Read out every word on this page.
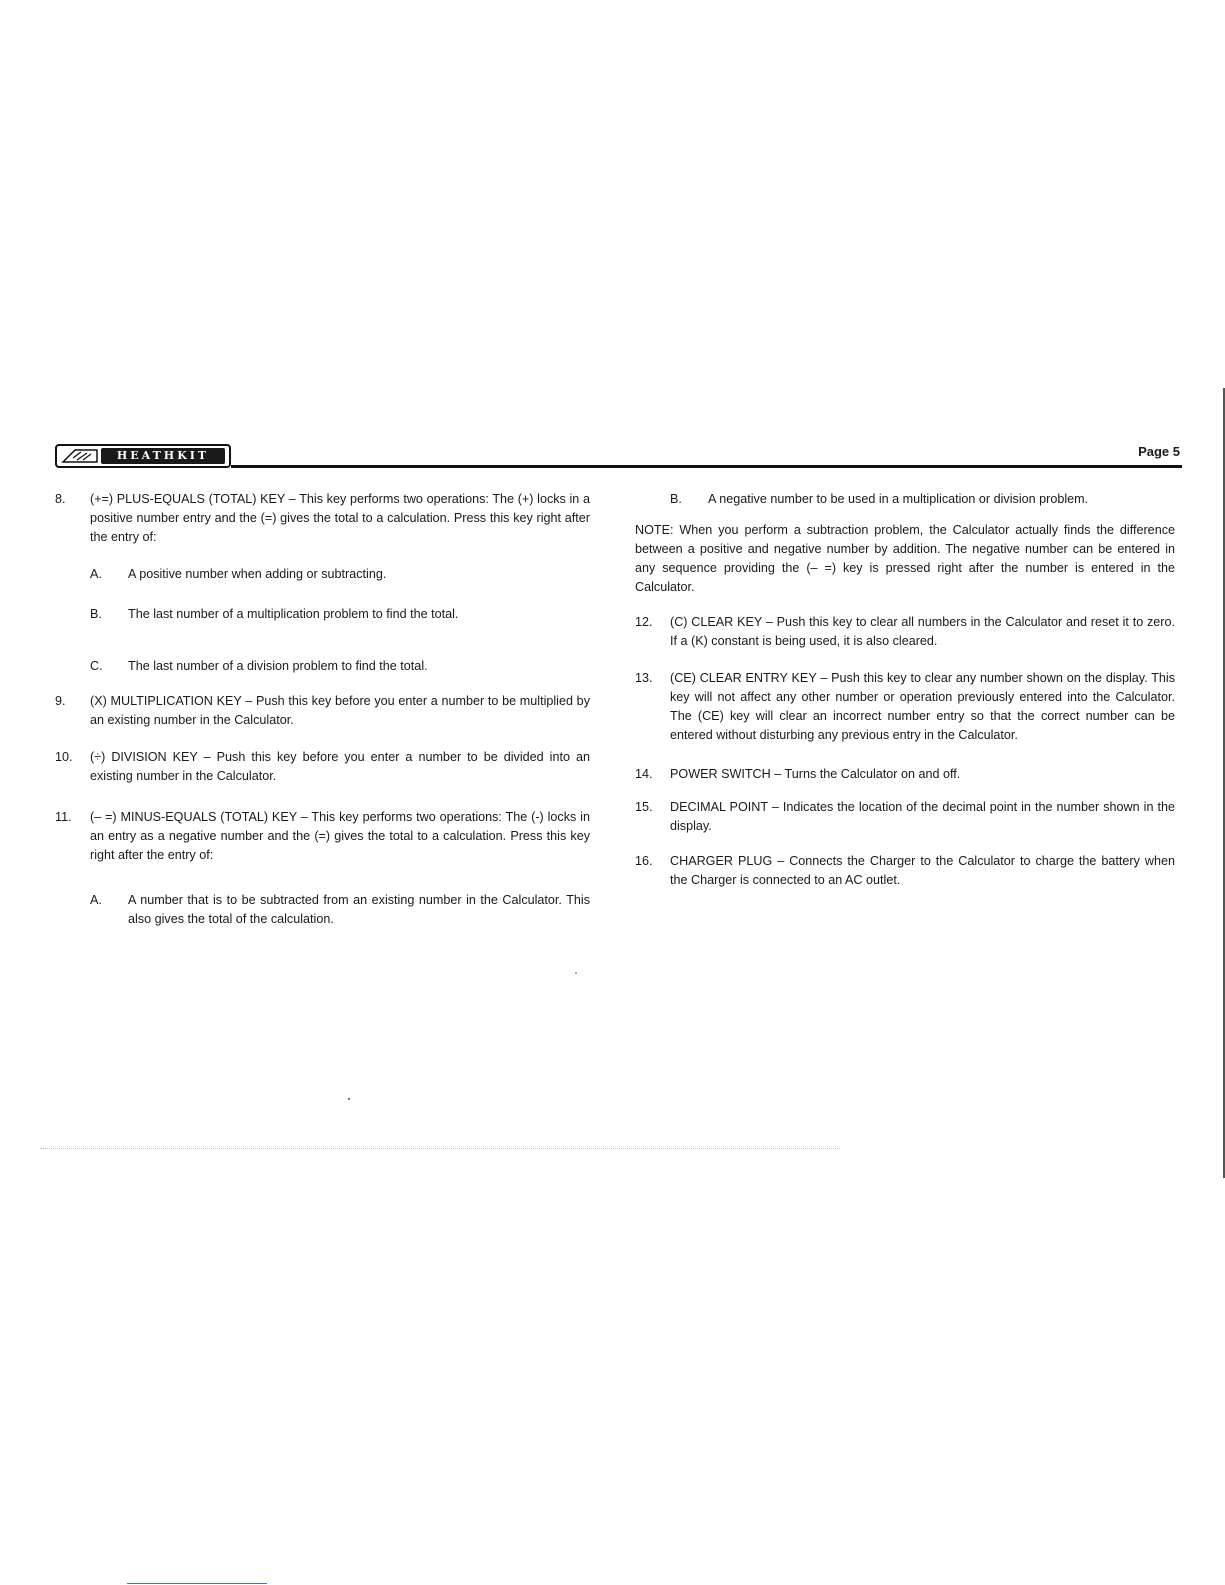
HEATHKIT	Page 5
8. (+=) PLUS-EQUALS (TOTAL) KEY – This key performs two operations: The (+) locks in a positive number entry and the (=) gives the total to a calculation. Press this key right after the entry of:
A. A positive number when adding or subtracting.
B. The last number of a multiplication problem to find the total.
C. The last number of a division problem to find the total.
9. (X) MULTIPLICATION KEY – Push this key before you enter a number to be multiplied by an existing number in the Calculator.
10. (÷) DIVISION KEY – Push this key before you enter a number to be divided into an existing number in the Calculator.
11. (– =) MINUS-EQUALS (TOTAL) KEY – This key performs two operations: The (-) locks in an entry as a negative number and the (=) gives the total to a calculation. Press this key right after the entry of:
A. A number that is to be subtracted from an existing number in the Calculator. This also gives the total of the calculation.
B. A negative number to be used in a multiplication or division problem.
NOTE: When you perform a subtraction problem, the Calculator actually finds the difference between a positive and negative number by addition. The negative number can be entered in any sequence providing the (– =) key is pressed right after the number is entered in the Calculator.
12. (C) CLEAR KEY – Push this key to clear all numbers in the Calculator and reset it to zero. If a (K) constant is being used, it is also cleared.
13. (CE) CLEAR ENTRY KEY – Push this key to clear any number shown on the display. This key will not affect any other number or operation previously entered into the Calculator. The (CE) key will clear an incorrect number entry so that the correct number can be entered without disturbing any previous entry in the Calculator.
14. POWER SWITCH – Turns the Calculator on and off.
15. DECIMAL POINT – Indicates the location of the decimal point in the number shown in the display.
16. CHARGER PLUG – Connects the Charger to the Calculator to charge the battery when the Charger is connected to an AC outlet.
